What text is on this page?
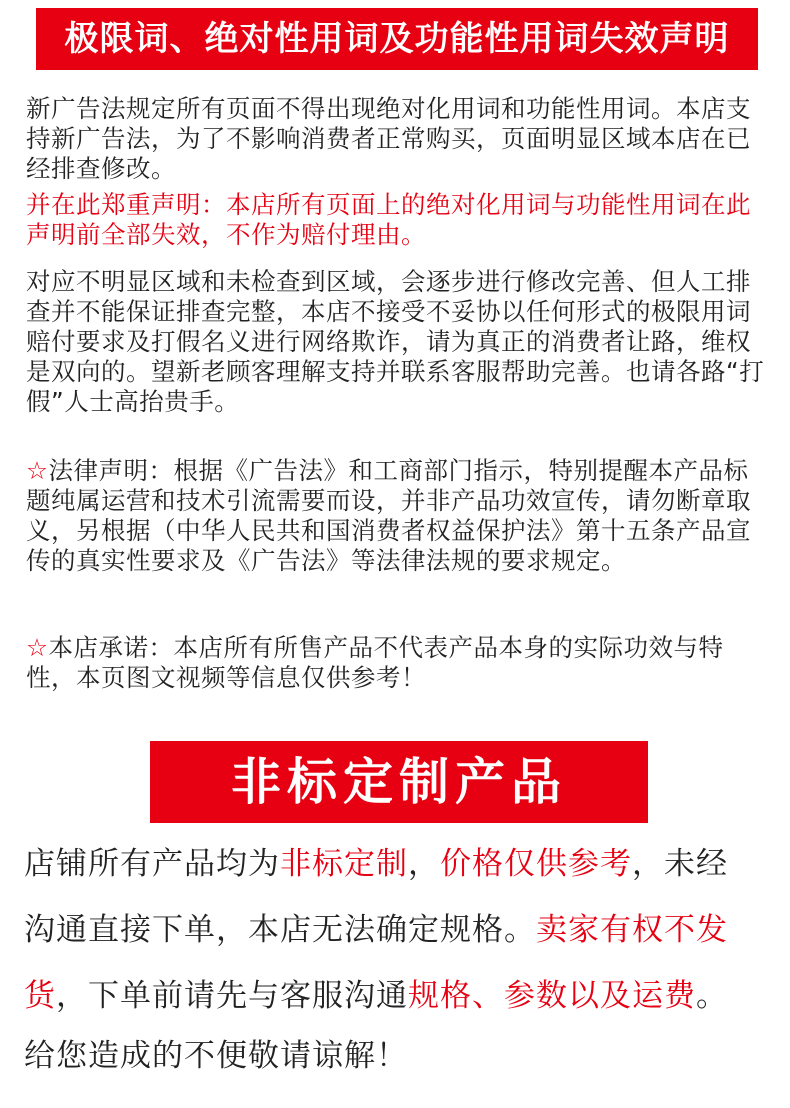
极限词、绝对性用词及功能性用词失效声明
新广告法规定所有页面不得出现绝对化用词和功能性用词。本店支持新广告法，为了不影响消费者正常购买，页面明显区域本店在已经排查修改。
并在此郑重声明：本店所有页面上的绝对化用词与功能性用词在此声明前全部失效，不作为赔付理由。
对应不明显区域和未检查到区域，会逐步进行修改完善、但人工排查并不能保证排查完整，本店不接受不妥协以任何形式的极限用词赔付要求及打假名义进行网络欺诈，请为真正的消费者让路，维权是双向的。望新老顾客理解支持并联系客服帮助完善。也请各路“打假”人士高抬贵手。
☆法律声明：根据《广告法》和工商部门指示，特别提醒本产品标题纯属运营和技术引流需要而设，并非产品功效宣传，请勿断章取义，另根据（中华人民共和国消费者权益保护法》第十五条产品宣传的真实性要求及《广告法》等法律法规的要求规定。
☆本店承诺：本店所有所售产品不代表产品本身的实际功效与特性，本页图文视频等信息仅供参考！
非标定制产品
店铺所有产品均为非标定制，价格仅供参考，未经
沟通直接下单，本店无法确定规格。卖家有权不发
货，下单前请先与客服沟通规格、参数以及运费。
给您造成的不便敬请谅解！
